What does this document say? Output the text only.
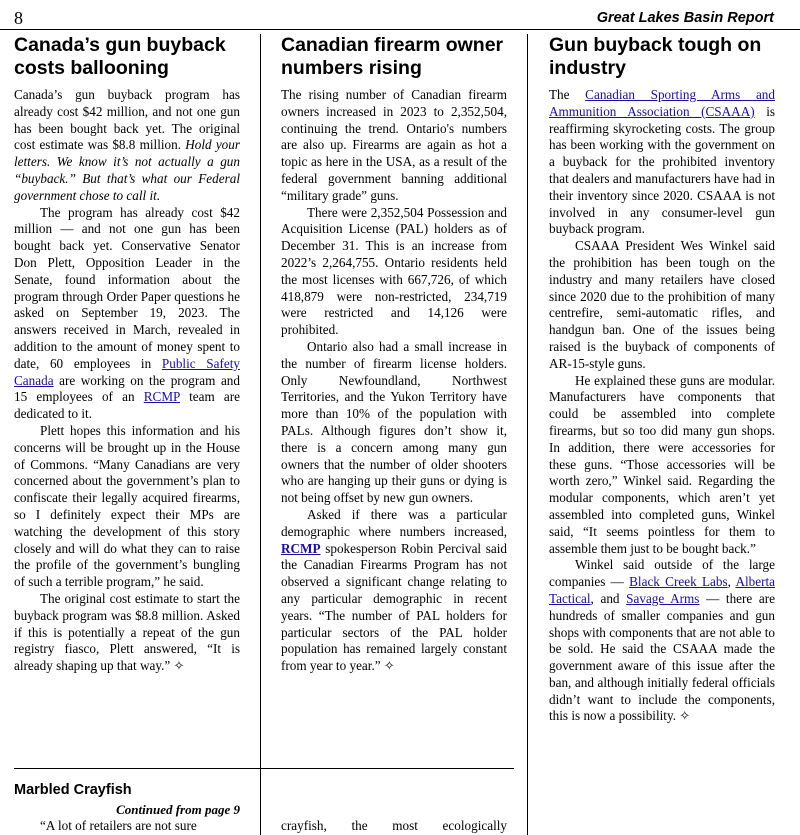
8	Great Lakes Basin Report
Canada’s gun buyback costs ballooning

Canada’s gun buyback program has already cost $42 million, and not one gun has been bought back yet. The original cost estimate was $8.8 million. Hold your letters. We know it’s not actually a gun “buyback.” But that’s what our Federal government chose to call it.

The program has already cost $42 million — and not one gun has been bought back yet. Conservative Senator Don Plett, Opposition Leader in the Senate, found information about the program through Order Paper questions he asked on September 19, 2023. The answers received in March, revealed in addition to the amount of money spent to date, 60 employees in Public Safety Canada are working on the program and 15 employees of an RCMP team are dedicated to it.

Plett hopes this information and his concerns will be brought up in the House of Commons. “Many Canadians are very concerned about the government’s plan to confiscate their legally acquired firearms, so I definitely expect their MPs are watching the development of this story closely and will do what they can to raise the profile of the government’s bungling of such a terrible program,” he said.

The original cost estimate to start the buyback program was $8.8 million. Asked if this is potentially a repeat of the gun registry fiasco, Plett answered, “It is already shaping up that way.” ✧

Canadian firearm owner numbers rising

The rising number of Canadian firearm owners increased in 2023 to 2,352,504, continuing the trend. Ontario's numbers are also up. Firearms are again as hot a topic as here in the USA, as a result of the federal government banning additional “military grade” guns.

There were 2,352,504 Possession and Acquisition License (PAL) holders as of December 31. This is an increase from 2022’s 2,264,755. Ontario residents held the most licenses with 667,726, of which 418,879 were non-restricted, 234,719 were restricted and 14,126 were prohibited.

Ontario also had a small increase in the number of firearm license holders. Only Newfoundland, Northwest Territories, and the Yukon Territory have more than 10% of the population with PALs. Although figures don’t show it, there is a concern among many gun owners that the number of older shooters who are hanging up their guns or dying is not being offset by new gun owners.

Asked if there was a particular demographic where numbers increased, RCMP spokesperson Robin Percival said the Canadian Firearms Program has not observed a significant change relating to any particular demographic in recent years. “The number of PAL holders for particular sectors of the PAL holder population has remained largely constant from year to year.” ✧

Gun buyback tough on industry

The Canadian Sporting Arms and Ammunition Association (CSAAA) is reaffirming skyrocketing costs. The group has been working with the government on a buyback for the prohibited inventory that dealers and manufacturers have had in their inventory since 2020. CSAAA is not involved in any consumer-level gun buyback program.

CSAAA President Wes Winkel said the prohibition has been tough on the industry and many retailers have closed since 2020 due to the prohibition of many centrefire, semi-automatic rifles, and handgun ban. One of the issues being raised is the buyback of components of AR-15-style guns.

He explained these guns are modular. Manufacturers have components that could be assembled into complete firearms, but so too did many gun shops. In addition, there were accessories for these guns. “Those accessories will be worth zero,” Winkel said. Regarding the modular components, which aren’t yet assembled into completed guns, Winkel said, “It seems pointless for them to assemble them just to be bought back.”

Winkel said outside of the large companies — Black Creek Labs, Alberta Tactical, and Savage Arms — there are hundreds of smaller companies and gun shops with components that are not able to be sold. He said the CSAAA made the government aware of this issue after the ban, and although initially federal officials didn’t want to include the components, this is now a possibility. ✧

Marbled Crayfish
Continued from page 9
“A lot of retailers are not sure	crayfish, the most ecologically
